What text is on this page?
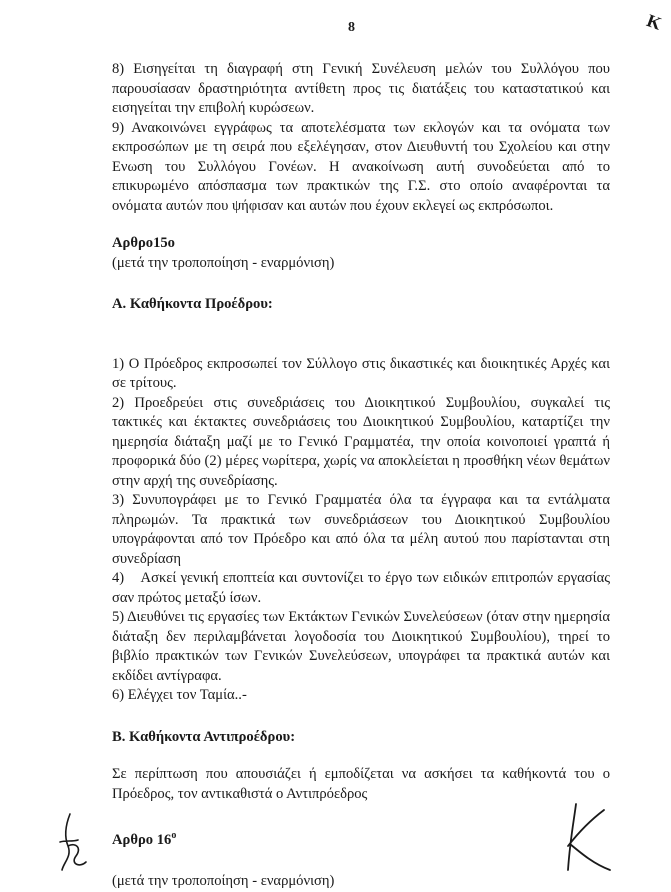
8	Κ

8) Εισηγείται τη διαγραφή στη Γενική Συνέλευση μελών του Συλλόγου που παρουσίασαν δραστηριότητα αντίθετη προς τις διατάξεις του καταστατικού και εισηγείται την επιβολή κυρώσεων.

9) Ανακοινώνει εγγράφως τα αποτελέσματα των εκλογών και τα ονόματα των εκπροσώπων με τη σειρά που εξελέγησαν, στον Διευθυντή του Σχολείου και στην Ενωση του Συλλόγου Γονέων. Η ανακοίνωση αυτή συνοδεύεται από το επικυρωμένο απόσπασμα των πρακτικών της Γ.Σ. στο οποίο αναφέρονται τα ονόματα αυτών που ψήφισαν και αυτών που έχουν εκλεγεί ως εκπρόσωποι.

Αρθρο15ο

(μετά την τροποποίηση - εναρμόνιση)

Α. Καθήκοντα Προέδρου:

1) Ο Πρόεδρος εκπροσωπεί τον Σύλλογο στις δικαστικές και διοικητικές Αρχές και σε τρίτους.

2) Προεδρεύει στις συνεδριάσεις του Διοικητικού Συμβουλίου, συγκαλεί τις τακτικές και έκτακτες συνεδριάσεις του Διοικητικού Συμβουλίου, καταρτίζει την ημερησία διάταξη μαζί με το Γενικό Γραμματέα, την οποία κοινοποιεί γραπτά ή προφορικά δύο (2) μέρες νωρίτερα, χωρίς να αποκλείεται η προσθήκη νέων θεμάτων στην αρχή της συνεδρίασης.

3) Συνυπογράφει με το Γενικό Γραμματέα όλα τα έγγραφα και τα εντάλματα πληρωμών. Τα πρακτικά των συνεδριάσεων του Διοικητικού Συμβουλίου υπογράφονται από τον Πρόεδρο και από όλα τα μέλη αυτού που παρίστανται στη συνεδρίαση

4)    Ασκεί γενική εποπτεία και συντονίζει το έργο των ειδικών επιτροπών εργασίας σαν πρώτος μεταξύ ίσων.

5) Διευθύνει τις εργασίες των Εκτάκτων Γενικών Συνελεύσεων (όταν στην ημερησία διάταξη δεν περιλαμβάνεται λογοδοσία του Διοικητικού Συμβουλίου), τηρεί το βιβλίο πρακτικών των Γενικών Συνελεύσεων, υπογράφει τα πρακτικά αυτών και εκδίδει αντίγραφα.

6) Ελέγχει τον Ταμία..-

Β. Καθήκοντα Αντιπροέδρου:

Σε περίπτωση που απουσιάζει ή εμποδίζεται να ασκήσει τα καθήκοντά του ο Πρόεδρος, τον αντικαθιστά ο Αντιπρόεδρος

Αρθρο $16^o$

(μετά την τροποποίηση - εναρμόνιση)
